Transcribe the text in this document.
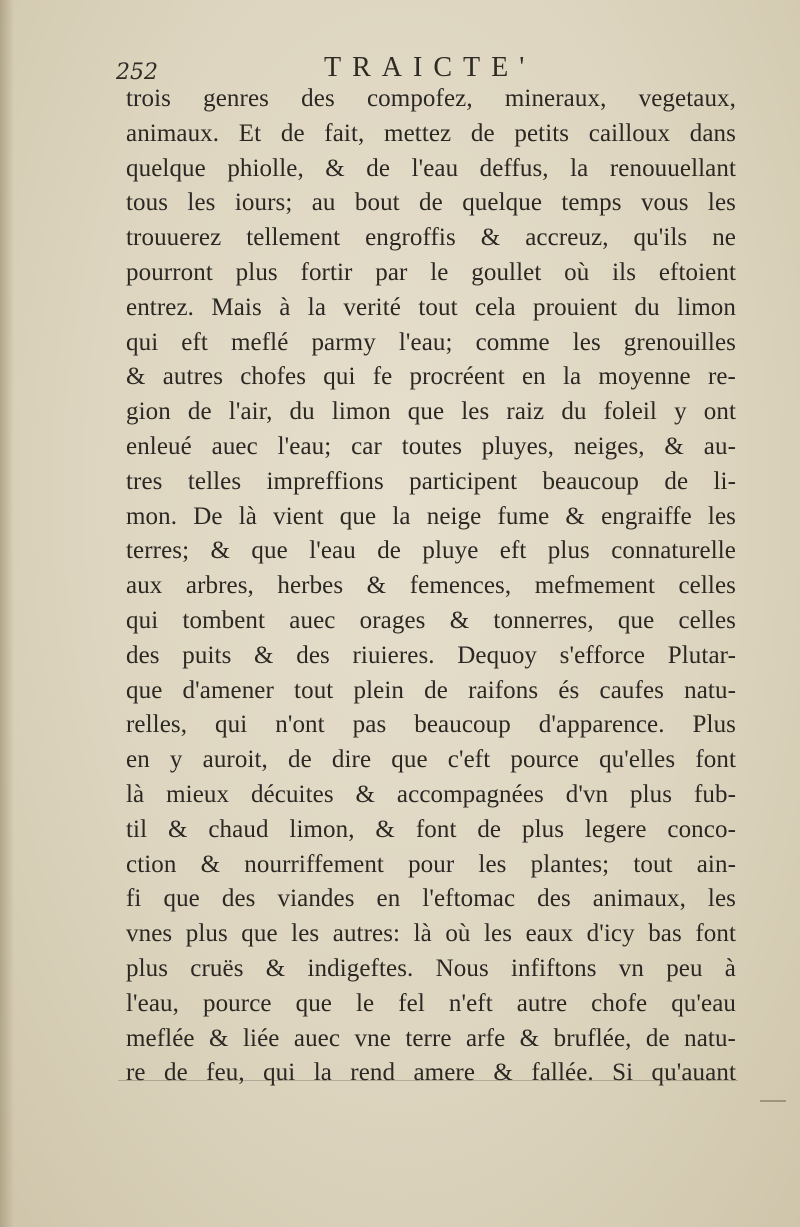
252	TRAICTE'
trois genres des compofez, mineraux, vegetaux,
animaux. Et de fait, mettez de petits cailloux dans
quelque phiolle, & de l'eau deffus, la renouuellant
tous les iours; au bout de quelque temps vous les
trouuerez tellement engroffis & accreuz, qu'ils ne
pourront plus fortir par le goullet où ils eftoient
entrez. Mais à la verité tout cela prouient du limon
qui eft meflé parmy l'eau; comme les grenouilles
& autres chofes qui fe procréent en la moyenne re-
gion de l'air, du limon que les raiz du foleil y ont
enleué auec l'eau; car toutes pluyes, neiges, & au-
tres telles impreffions participent beaucoup de li-
mon. De là vient que la neige fume & engraiffe les
terres; & que l'eau de pluye eft plus connaturelle
aux arbres, herbes & femences, mefmement celles
qui tombent auec orages & tonnerres, que celles
des puits & des riuieres. Dequoy s'efforce Plutar-
que d'amener tout plein de raifons és caufes natu-
relles, qui n'ont pas beaucoup d'apparence. Plus
en y auroit, de dire que c'eft pource qu'elles font
là mieux décuites & accompagnées d'vn plus fub-
til & chaud limon, & font de plus legere conco-
ction & nourriffement pour les plantes; tout ain-
fi que des viandes en l'eftomac des animaux, les
vnes plus que les autres: là où les eaux d'icy bas font
plus cruës & indigeftes. Nous infiftons vn peu à
l'eau, pource que le fel n'eft autre chofe qu'eau
meflée & liée auec vne terre arfe & bruflée, de natu-
re de feu, qui la rend amere & fallée. Si qu'auant
